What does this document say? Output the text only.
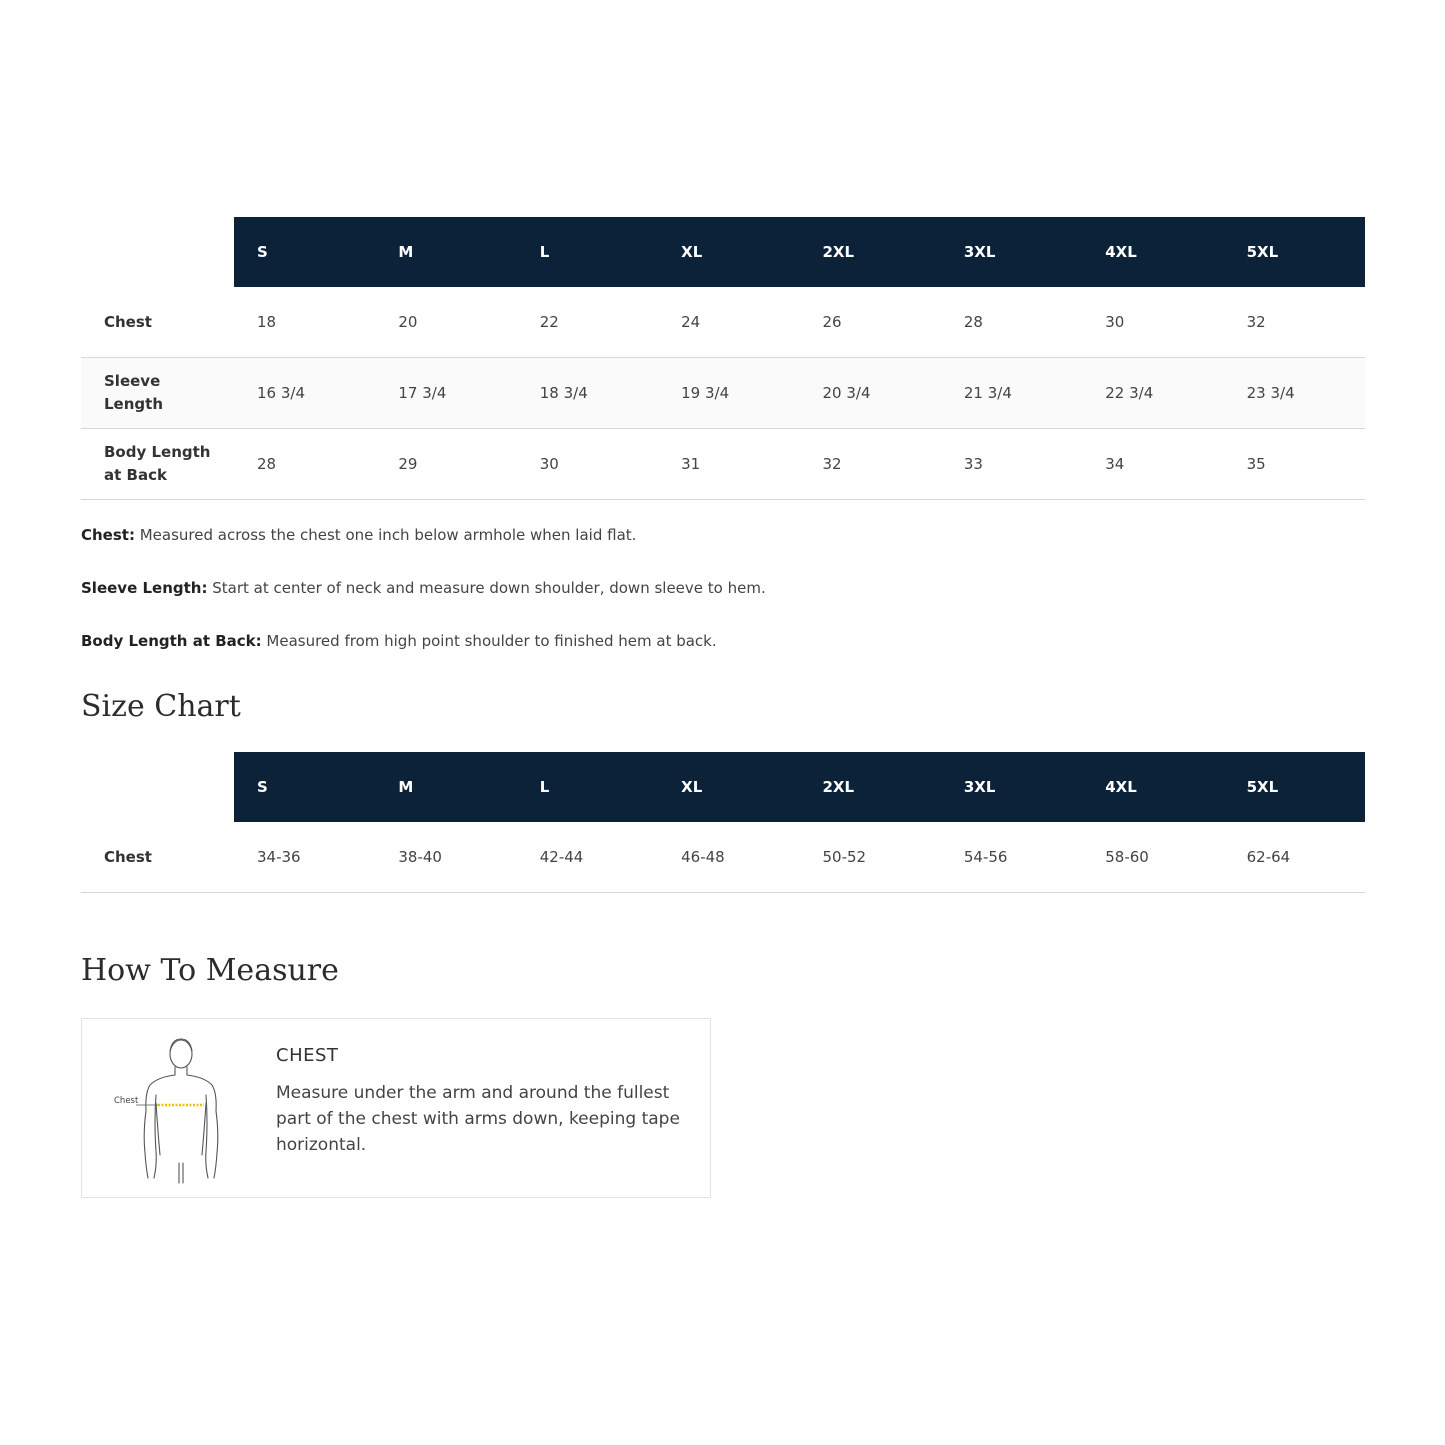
	S	M	L	XL	2XL	3XL	4XL	5XL
Chest	18	20	22	24	26	28	30	32
Sleeve Length	16 3/4	17 3/4	18 3/4	19 3/4	20 3/4	21 3/4	22 3/4	23 3/4
Body Length at Back	28	29	30	31	32	33	34	35

Chest: Measured across the chest one inch below armhole when laid flat.

Sleeve Length: Start at center of neck and measure down shoulder, down sleeve to hem.

Body Length at Back: Measured from high point shoulder to finished hem at back.

Size Chart
	S	M	L	XL	2XL	3XL	4XL	5XL
Chest	34-36	38-40	42-44	46-48	50-52	54-56	58-60	62-64
How To Measure
Chest

CHEST

Measure under the arm and around the fullest part of the chest with arms down, keeping tape horizontal.
